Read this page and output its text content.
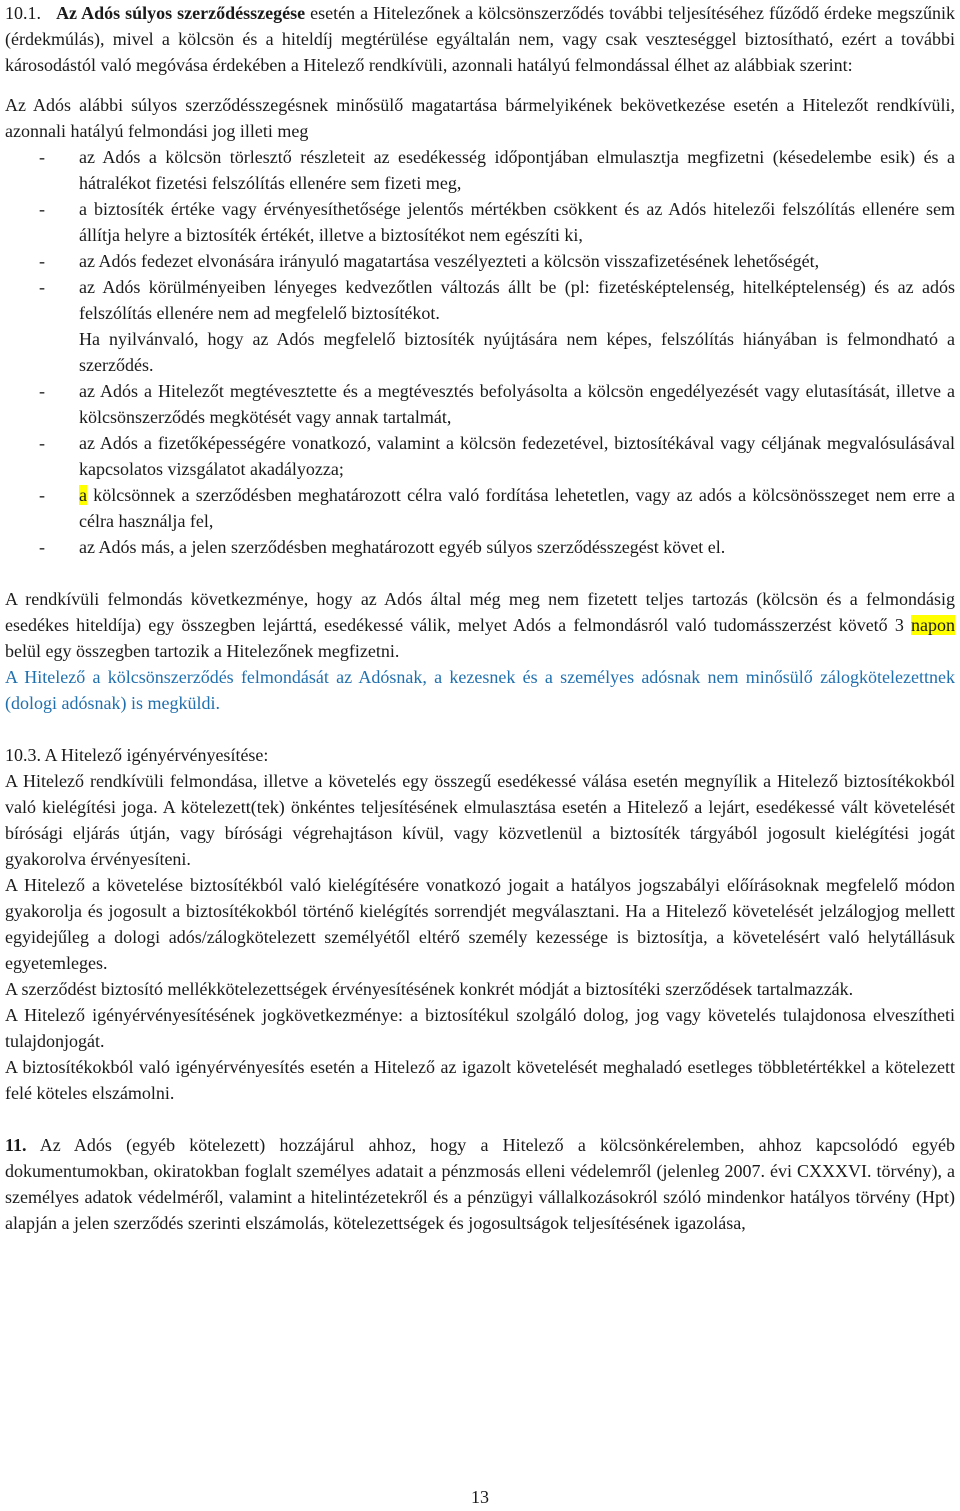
10.1. Az Adós súlyos szerződésszegése esetén a Hitelezőnek a kölcsönszerződés további teljesítéséhez fűződő érdeke megszűnik (érdekmúlás), mivel a kölcsön és a hiteldíj megtérülése egyáltalán nem, vagy csak veszteséggel biztosítható, ezért a további károsodástól való megóvása érdekében a Hitelező rendkívüli, azonnali hatályú felmondással élhet az alábbiak szerint:

Az Adós alábbi súlyos szerződésszegésnek minősülő magatartása bármelyikének bekövetkezése esetén a Hitelezőt rendkívüli, azonnali hatályú felmondási jog illeti meg

- az Adós a kölcsön törlesztő részleteit az esedékesség időpontjában elmulasztja megfizetni (késedelembe esik) és a hátralékot fizetési felszólítás ellenére sem fizeti meg,

- a biztosíték értéke vagy érvényesíthetősége jelentős mértékben csökkent és az Adós hitelezői felszólítás ellenére sem állítja helyre a biztosíték értékét, illetve a biztosítékot nem egészíti ki,

- az Adós fedezet elvonására irányuló magatartása veszélyezteti a kölcsön visszafizetésének lehetőségét,

- az Adós körülményeiben lényeges kedvezőtlen változás állt be (pl: fizetésképtelenség, hitelképtelenség) és az adós felszólítás ellenére nem ad megfelelő biztosítékot.

Ha nyilvánvaló, hogy az Adós megfelelő biztosíték nyújtására nem képes, felszólítás hiányában is felmondható a szerződés.

- az Adós a Hitelezőt megtévesztette és a megtévesztés befolyásolta a kölcsön engedélyezését vagy elutasítását, illetve a kölcsönszerződés megkötését vagy annak tartalmát,

- az Adós a fizetőképességére vonatkozó, valamint a kölcsön fedezetével, biztosítékával vagy céljának megvalósulásával kapcsolatos vizsgálatot akadályozza;

- a kölcsönnek a szerződésben meghatározott célra való fordítása lehetetlen, vagy az adós a kölcsönösszeget nem erre a célra használja fel,

- az Adós más, a jelen szerződésben meghatározott egyéb súlyos szerződésszegést követ el.

A rendkívüli felmondás következménye, hogy az Adós által még meg nem fizetett teljes tartozás (kölcsön és a felmondásig esedékes hiteldíja) egy összegben lejárttá, esedékessé válik, melyet Adós a felmondásról való tudomásszerzést követő 3 napon belül egy összegben tartozik a Hitelezőnek megfizetni.

A Hitelező a kölcsönszerződés felmondását az Adósnak, a kezesnek és a személyes adósnak nem minősülő zálogkötelezettnek (dologi adósnak) is megküldi.

10.3. A Hitelező igényérvényesítése:

A Hitelező rendkívüli felmondása, illetve a követelés egy összegű esedékessé válása esetén megnyílik a Hitelező biztosítékokból való kielégítési joga. A kötelezett(tek) önkéntes teljesítésének elmulasztása esetén a Hitelező a lejárt, esedékessé vált követelését bírósági eljárás útján, vagy bírósági végrehajtáson kívül, vagy közvetlenül a biztosíték tárgyából jogosult kielégítési jogát gyakorolva érvényesíteni.

A Hitelező a követelése biztosítékból való kielégítésére vonatkozó jogait a hatályos jogszabályi előírásoknak megfelelő módon gyakorolja és jogosult a biztosítékokból történő kielégítés sorrendjét megválasztani. Ha a Hitelező követelését jelzálogjog mellett egyidejűleg a dologi adós/zálogkötelezett személyétől eltérő személy kezessége is biztosítja, a követelésért való helytállásuk egyetemleges.

A szerződést biztosító mellékkötelezettségek érvényesítésének konkrét módját a biztosítéki szerződések tartalmazzák.

A Hitelező igényérvényesítésének jogkövetkezménye: a biztosítékul szolgáló dolog, jog vagy követelés tulajdonosa elveszítheti tulajdonjogát.

A biztosítékokból való igényérvényesítés esetén a Hitelező az igazolt követelését meghaladó esetleges többletértékkel a kötelezett felé köteles elszámolni.

11. Az Adós (egyéb kötelezett) hozzájárul ahhoz, hogy a Hitelező a kölcsönkérelemben, ahhoz kapcsolódó egyéb dokumentumokban, okiratokban foglalt személyes adatait a pénzmosás elleni védelemről (jelenleg 2007. évi CXXXVI. törvény), a személyes adatok védelméről, valamint a hitelintézetekről és a pénzügyi vállalkozásokról szóló mindenkor hatályos törvény (Hpt) alapján a jelen szerződés szerinti elszámolás, kötelezettségek és jogosultságok teljesítésének igazolása,

13
